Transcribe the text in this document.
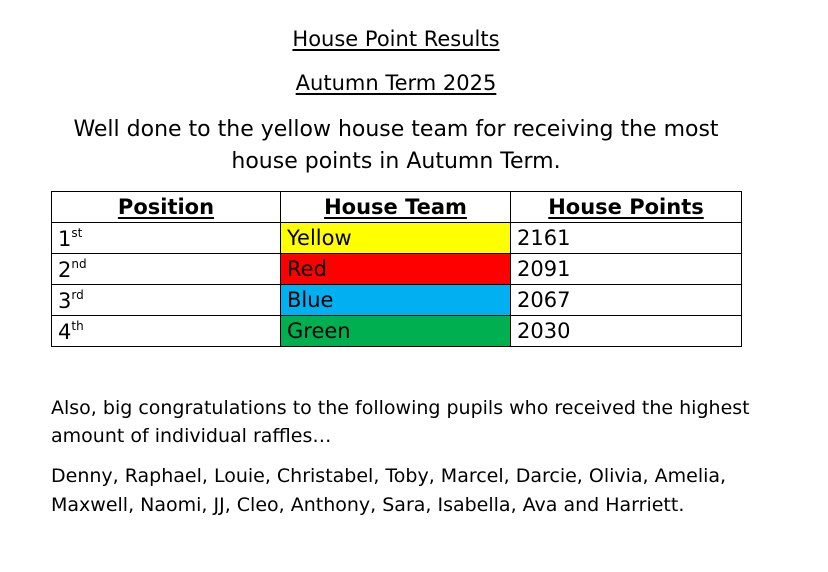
House Point Results
Autumn Term 2025
Well done to the yellow house team for receiving the most house points in Autumn Term.
Position	House Team	House Points
1st	Yellow	2161
2nd	Red	2091
3rd	Blue	2067
4th	Green	2030
Also, big congratulations to the following pupils who received the highest amount of individual raffles…
Denny, Raphael, Louie, Christabel, Toby, Marcel, Darcie, Olivia, Amelia, Maxwell, Naomi, JJ, Cleo, Anthony, Sara, Isabella, Ava and Harriett.
